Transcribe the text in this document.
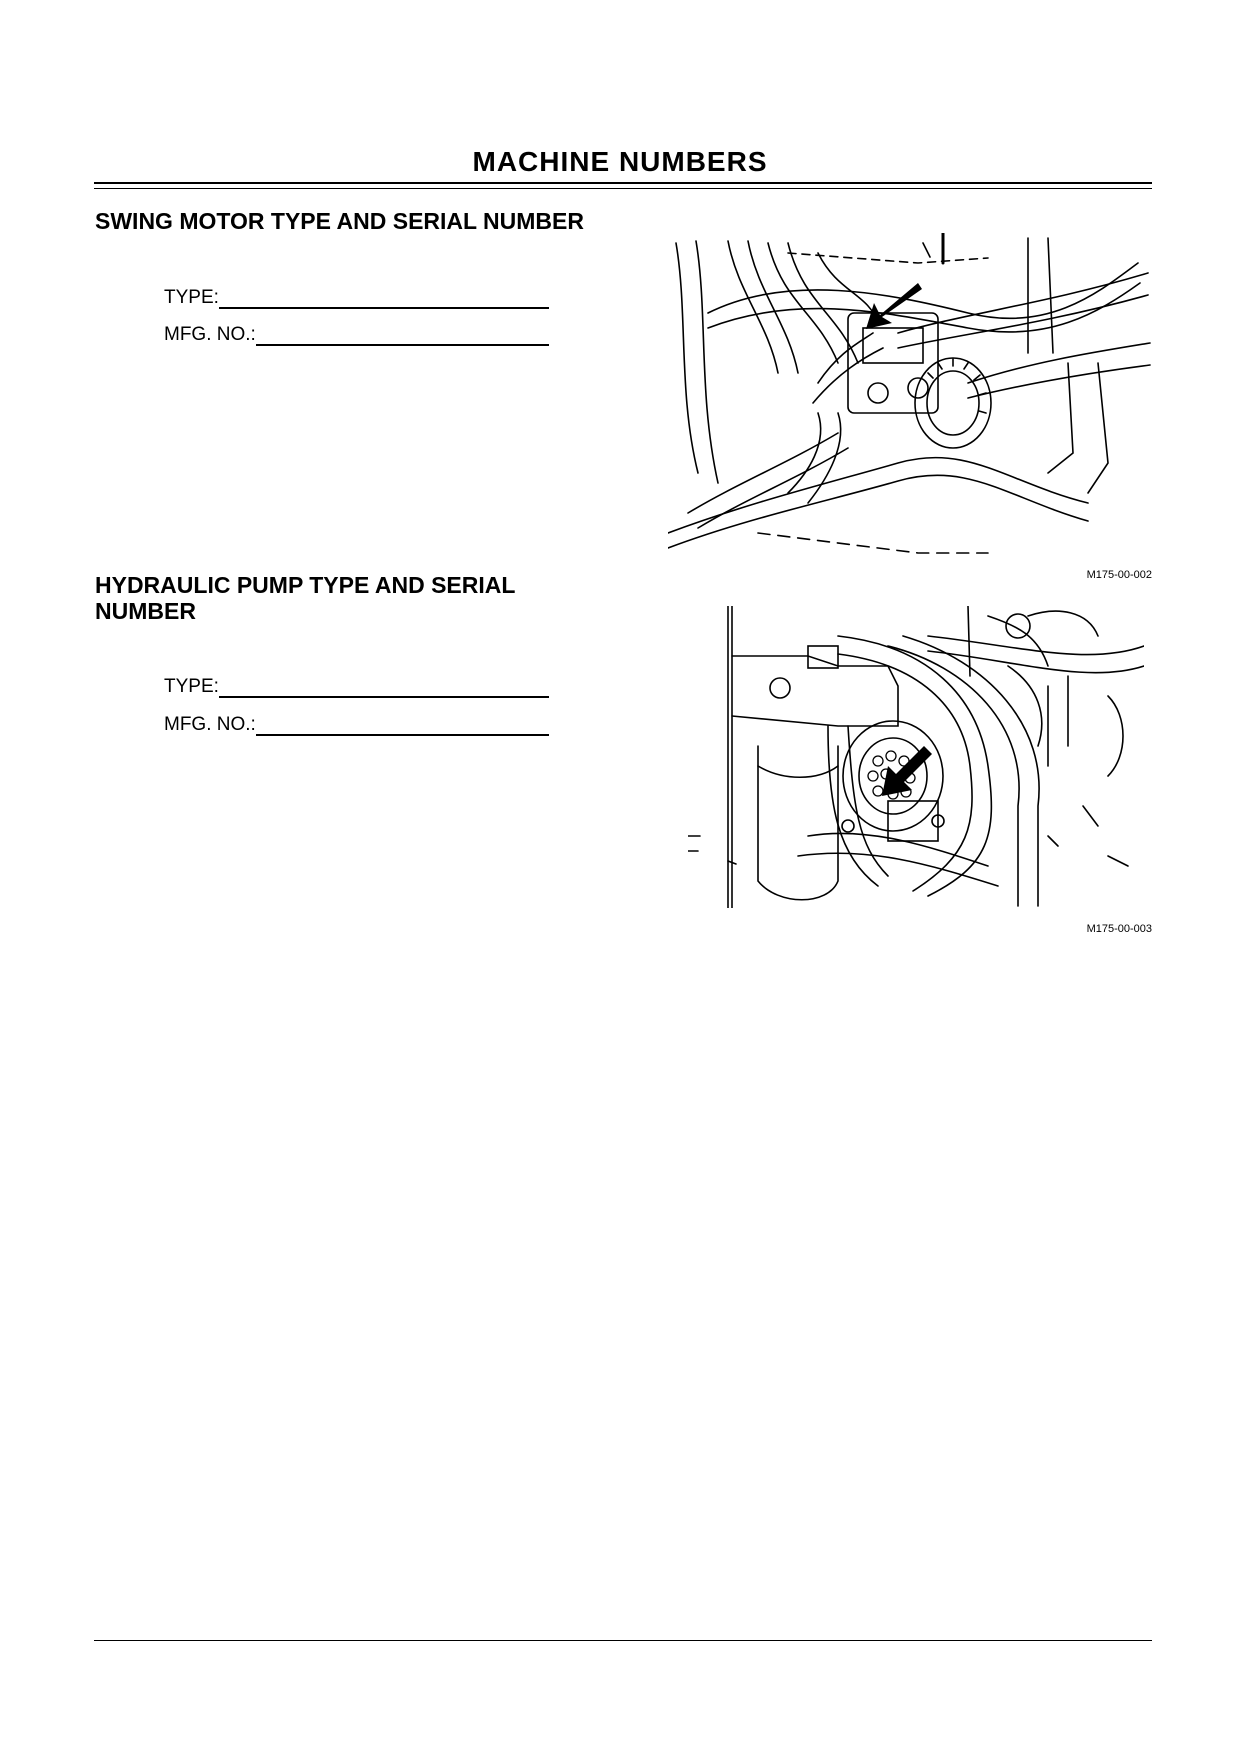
MACHINE NUMBERS
SWING MOTOR TYPE AND SERIAL NUMBER
TYPE:
MFG. NO.:
M175-00-002
HYDRAULIC PUMP TYPE AND SERIAL NUMBER
TYPE:
MFG. NO.:
M175-00-003
